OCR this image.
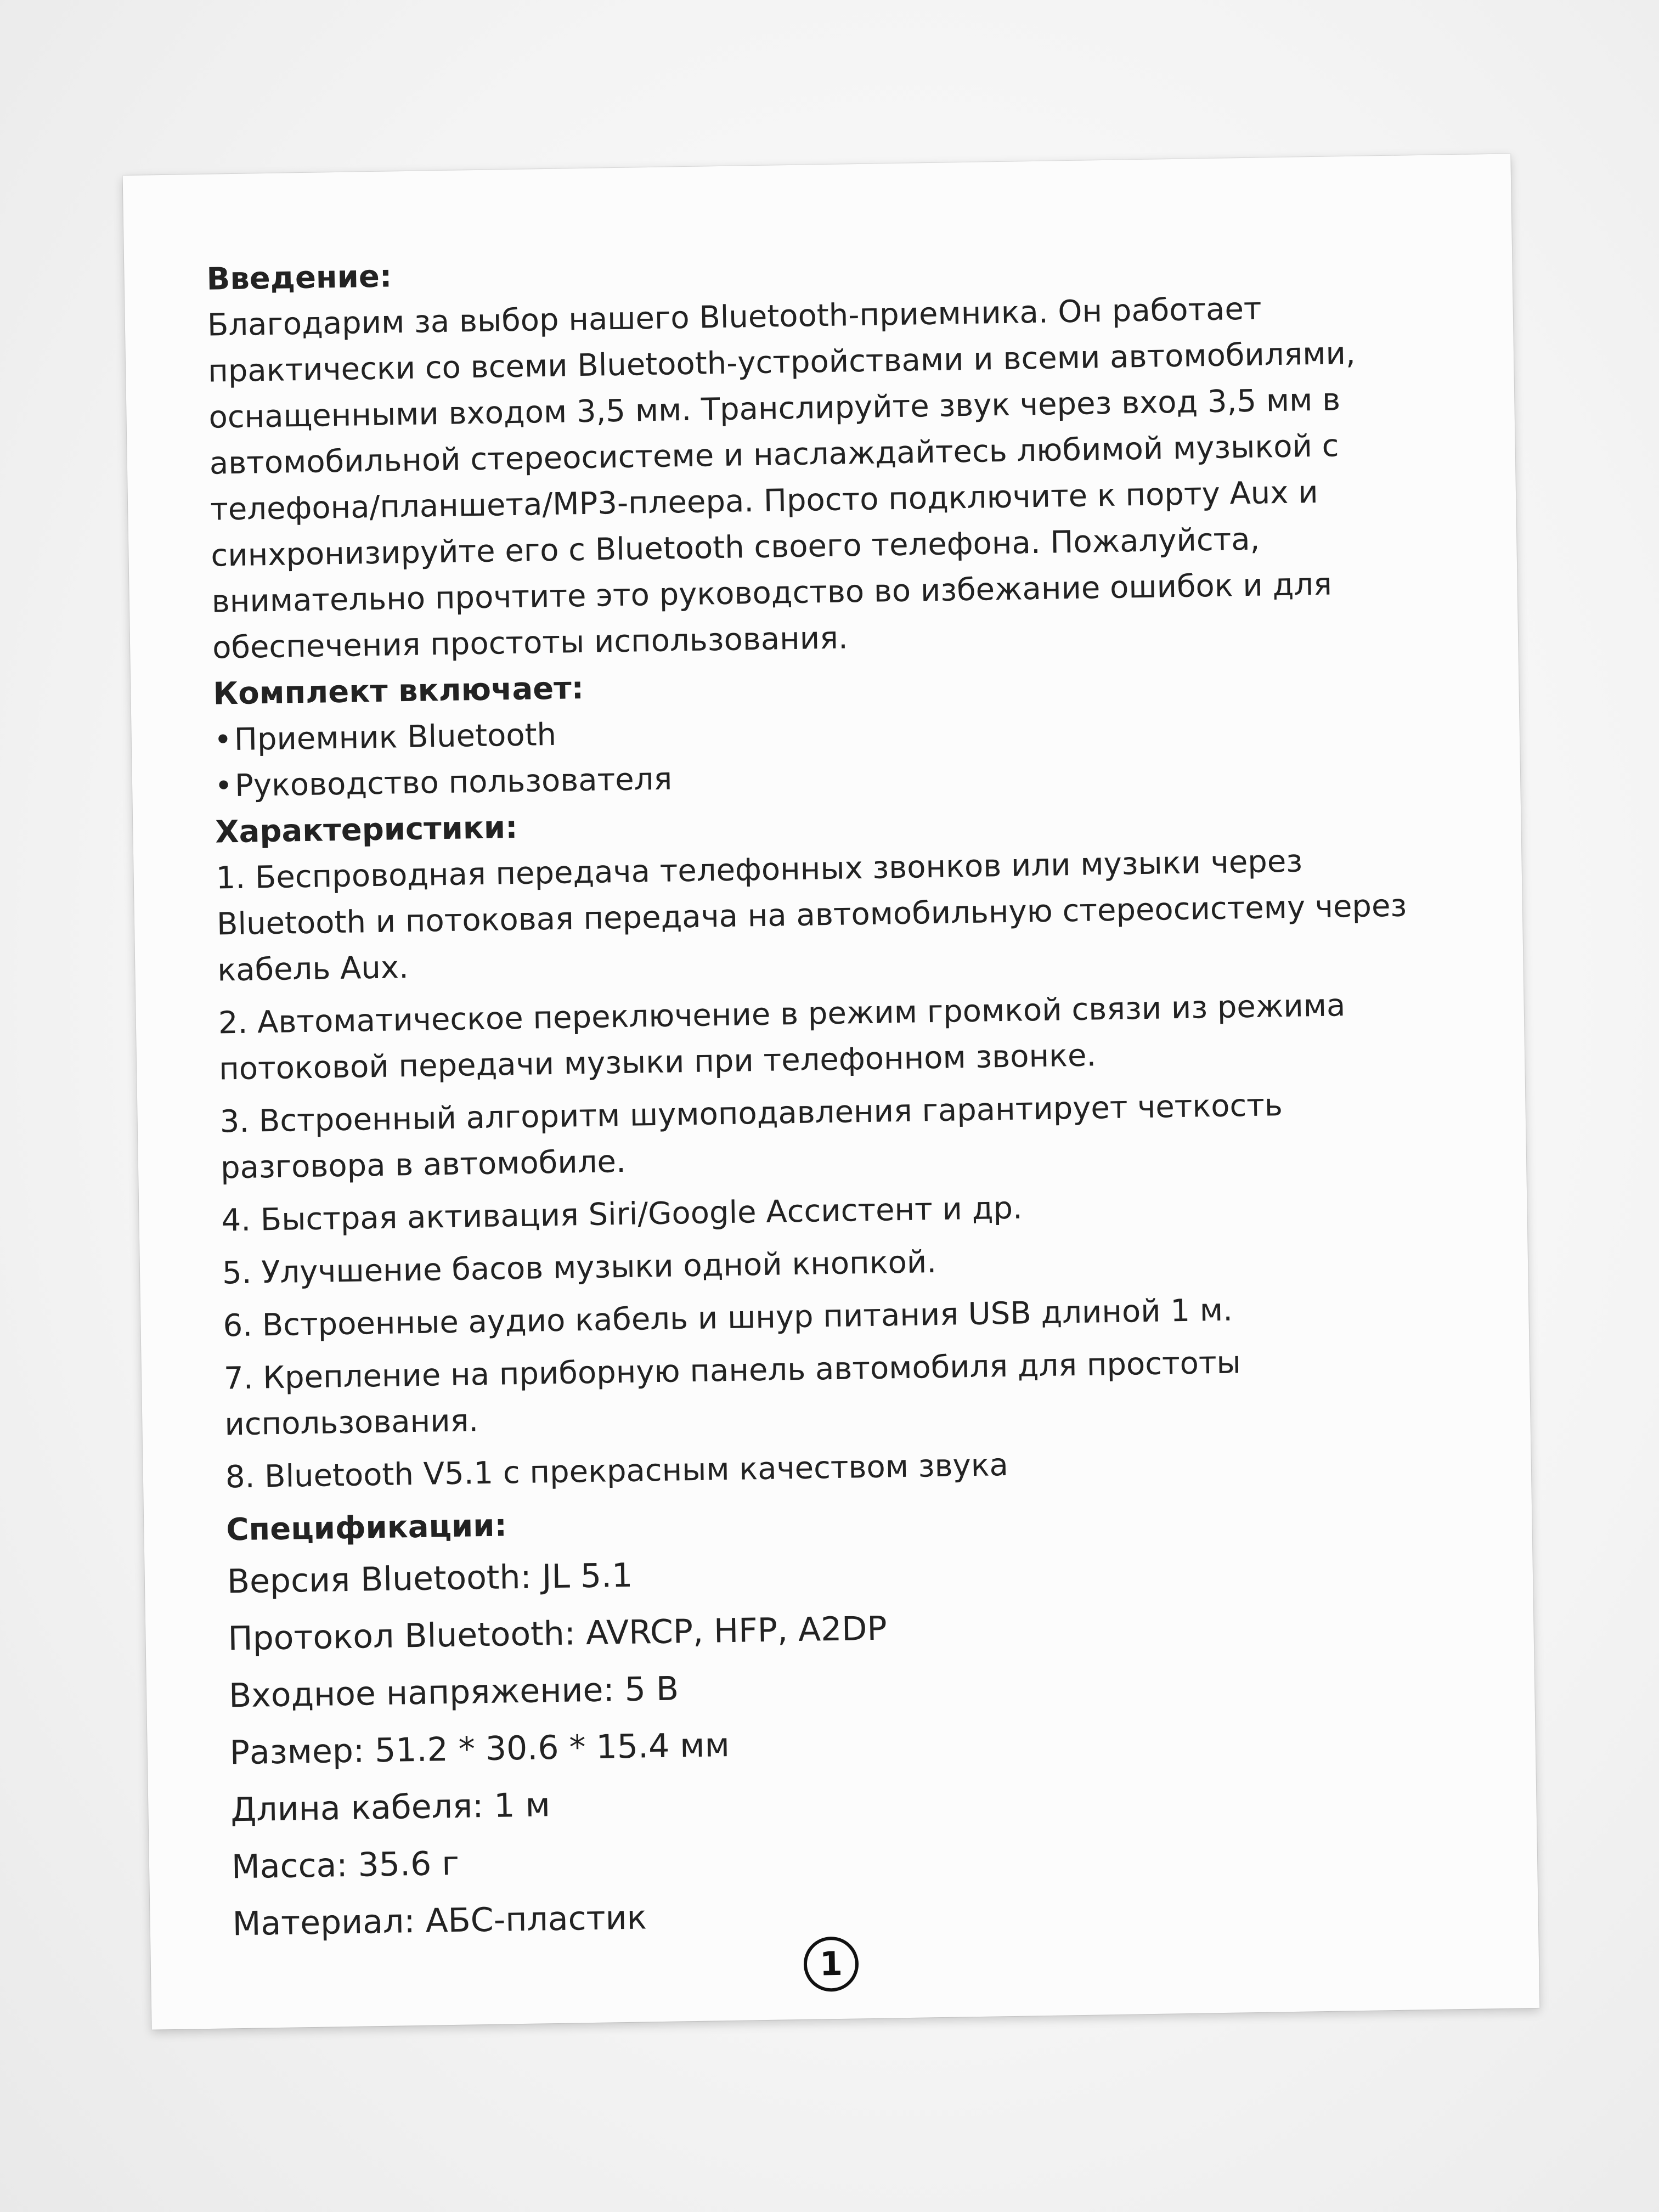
Введение:

Благодарим за выбор нашего Bluetooth-приемника. Он работает практически со всеми Bluetooth-устройствами и всеми автомобилями, оснащенными входом 3,5 мм. Транслируйте звук через вход 3,5 мм в автомобильной стереосистеме и наслаждайтесь любимой музыкой с телефона/планшета/MP3-плеера. Просто подключите к порту Aux и синхронизируйте его с Bluetooth своего телефона. Пожалуйста, внимательно прочтите это руководство во избежание ошибок и для обеспечения простоты использования.

Комплект включает:

• Приемник Bluetooth
• Руководство пользователя

Характеристики:

1. Беспроводная передача телефонных звонков или музыки через Bluetooth и потоковая передача на автомобильную стереосистему через кабель Aux.
2. Автоматическое переключение в режим громкой связи из режима потоковой передачи музыки при телефонном звонке.
3. Встроенный алгоритм шумоподавления гарантирует четкость разговора в автомобиле.
4. Быстрая активация Siri/Google Ассистент и др.
5. Улучшение басов музыки одной кнопкой.
6. Встроенные аудио кабель и шнур питания USB длиной 1 м.
7. Крепление на приборную панель автомобиля для простоты использования.
8. Bluetooth V5.1 с прекрасным качеством звука

Спецификации:

Версия Bluetooth: JL 5.1
Протокол Bluetooth: AVRCP, HFP, A2DP
Входное напряжение: 5 В
Размер: 51.2 * 30.6 * 15.4 мм
Длина кабеля: 1 м
Масса: 35.6 г
Материал: АБС-пластик
1
